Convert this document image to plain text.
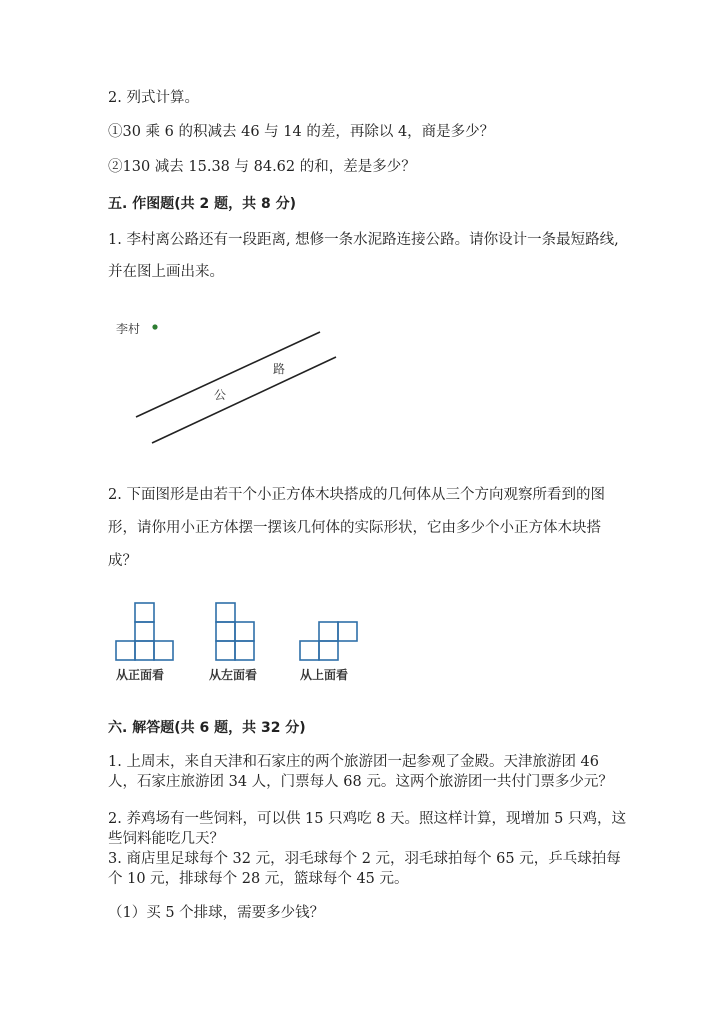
2. 列式计算。
①30 乘 6 的积减去 46 与 14 的差，再除以 4，商是多少？
②130 减去 15.38 与 84.62 的和，差是多少？
五. 作图题(共 2 题，共 8 分)
1. 李村离公路还有一段距离, 想修一条水泥路连接公路。请你设计一条最短路线,
并在图上画出来。
李村
公
路
2. 下面图形是由若干个小正方体木块搭成的几何体从三个方向观察所看到的图
形，请你用小正方体摆一摆该几何体的实际形状，它由多少个小正方体木块搭
成？
从正面看	从左面看	从上面看
六. 解答题(共 6 题，共 32 分)
1. 上周末，来自天津和石家庄的两个旅游团一起参观了金殿。天津旅游团 46
人，石家庄旅游团 34 人，门票每人 68 元。这两个旅游团一共付门票多少元？
2. 养鸡场有一些饲料，可以供 15 只鸡吃 8 天。照这样计算，现增加 5 只鸡，这
些饲料能吃几天？
3. 商店里足球每个 32 元，羽毛球每个 2 元，羽毛球拍每个 65 元，乒乓球拍每
个 10 元，排球每个 28 元，篮球每个 45 元。
（1）买 5 个排球，需要多少钱？
